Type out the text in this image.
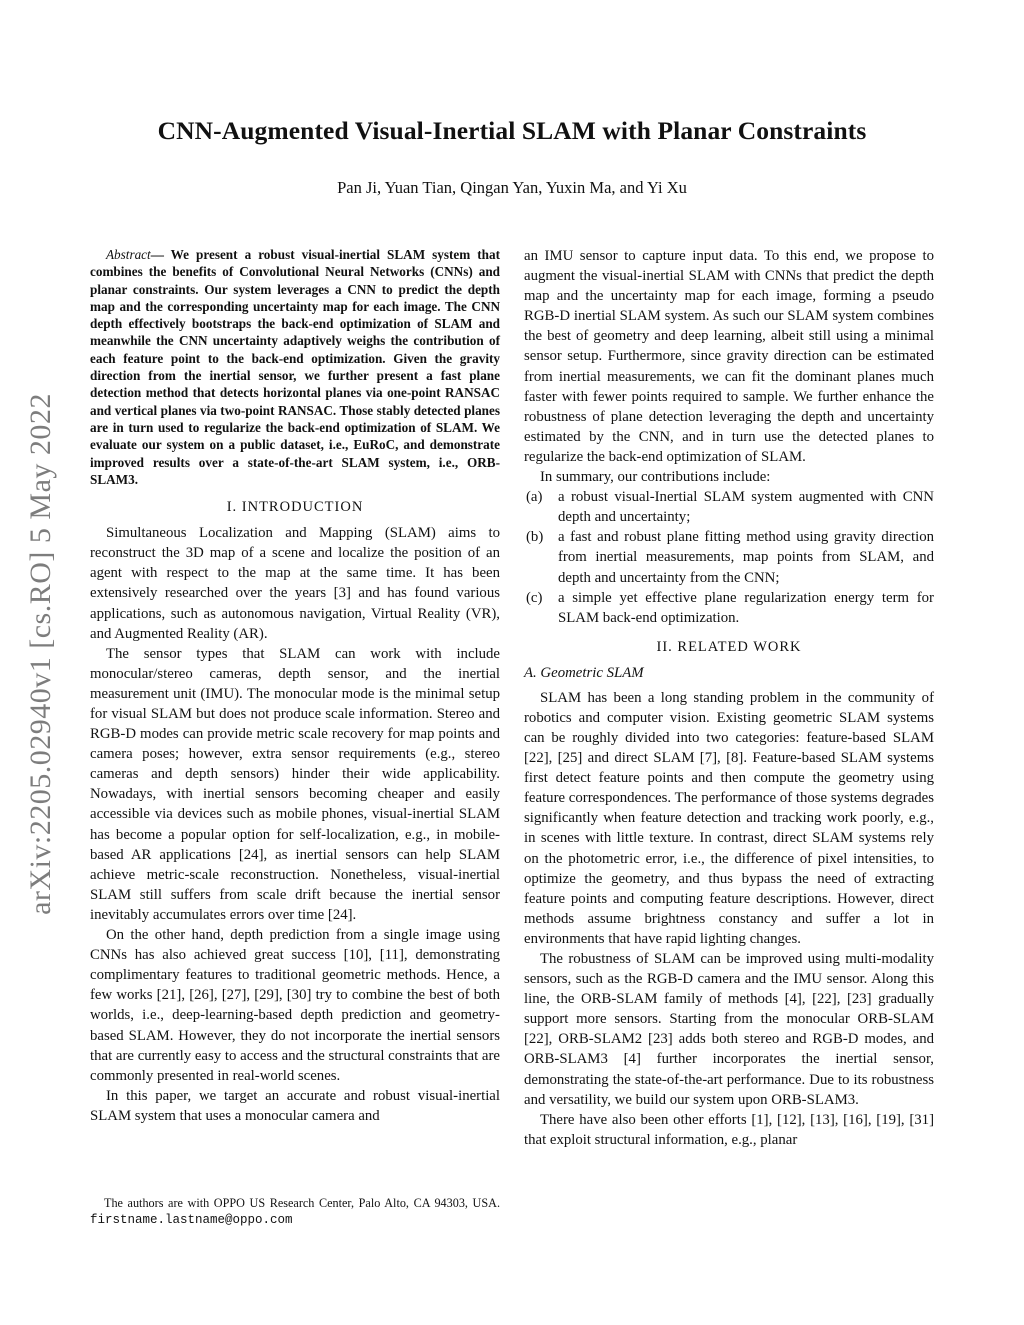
arXiv:2205.02940v1 [cs.RO] 5 May 2022
CNN-Augmented Visual-Inertial SLAM with Planar Constraints
Pan Ji, Yuan Tian, Qingan Yan, Yuxin Ma, and Yi Xu

Abstract— We present a robust visual-inertial SLAM system that combines the benefits of Convolutional Neural Networks (CNNs) and planar constraints. Our system leverages a CNN to predict the depth map and the corresponding uncertainty map for each image. The CNN depth effectively bootstraps the back-end optimization of SLAM and meanwhile the CNN uncertainty adaptively weighs the contribution of each feature point to the back-end optimization. Given the gravity direction from the inertial sensor, we further present a fast plane detection method that detects horizontal planes via one-point RANSAC and vertical planes via two-point RANSAC. Those stably detected planes are in turn used to regularize the back-end optimization of SLAM. We evaluate our system on a public dataset, i.e., EuRoC, and demonstrate improved results over a state-of-the-art SLAM system, i.e., ORB-SLAM3.

I. INTRODUCTION

Simultaneous Localization and Mapping (SLAM) aims to reconstruct the 3D map of a scene and localize the position of an agent with respect to the map at the same time. It has been extensively researched over the years [3] and has found various applications, such as autonomous navigation, Virtual Reality (VR), and Augmented Reality (AR).

The sensor types that SLAM can work with include monocular/stereo cameras, depth sensor, and the inertial measurement unit (IMU). The monocular mode is the minimal setup for visual SLAM but does not produce scale information. Stereo and RGB-D modes can provide metric scale recovery for map points and camera poses; however, extra sensor requirements (e.g., stereo cameras and depth sensors) hinder their wide applicability. Nowadays, with inertial sensors becoming cheaper and easily accessible via devices such as mobile phones, visual-inertial SLAM has become a popular option for self-localization, e.g., in mobile-based AR applications [24], as inertial sensors can help SLAM achieve metric-scale reconstruction. Nonetheless, visual-inertial SLAM still suffers from scale drift because the inertial sensor inevitably accumulates errors over time [24].

On the other hand, depth prediction from a single image using CNNs has also achieved great success [10], [11], demonstrating complimentary features to traditional geometric methods. Hence, a few works [21], [26], [27], [29], [30] try to combine the best of both worlds, i.e., deep-learning-based depth prediction and geometry-based SLAM. However, they do not incorporate the inertial sensors that are currently easy to access and the structural constraints that are commonly presented in real-world scenes.

In this paper, we target an accurate and robust visual-inertial SLAM system that uses a monocular camera and

an IMU sensor to capture input data. To this end, we propose to augment the visual-inertial SLAM with CNNs that predict the depth map and the uncertainty map for each image, forming a pseudo RGB-D inertial SLAM system. As such our SLAM system combines the best of geometry and deep learning, albeit still using a minimal sensor setup. Furthermore, since gravity direction can be estimated from inertial measurements, we can fit the dominant planes much faster with fewer points required to sample. We further enhance the robustness of plane detection leveraging the depth and uncertainty estimated by the CNN, and in turn use the detected planes to regularize the back-end optimization of SLAM.

In summary, our contributions include:

(a) a robust visual-Inertial SLAM system augmented with CNN depth and uncertainty;
(b) a fast and robust plane fitting method using gravity direction from inertial measurements, map points from SLAM, and depth and uncertainty from the CNN;
(c) a simple yet effective plane regularization energy term for SLAM back-end optimization.
II. RELATED WORK
A. Geometric SLAM

SLAM has been a long standing problem in the community of robotics and computer vision. Existing geometric SLAM systems can be roughly divided into two categories: feature-based SLAM [22], [25] and direct SLAM [7], [8]. Feature-based SLAM systems first detect feature points and then compute the geometry using feature correspondences. The performance of those systems degrades significantly when feature detection and tracking work poorly, e.g., in scenes with little texture. In contrast, direct SLAM systems rely on the photometric error, i.e., the difference of pixel intensities, to optimize the geometry, and thus bypass the need of extracting feature points and computing feature descriptions. However, direct methods assume brightness constancy and suffer a lot in environments that have rapid lighting changes.

The robustness of SLAM can be improved using multi-modality sensors, such as the RGB-D camera and the IMU sensor. Along this line, the ORB-SLAM family of methods [4], [22], [23] gradually support more sensors. Starting from the monocular ORB-SLAM [22], ORB-SLAM2 [23] adds both stereo and RGB-D modes, and ORB-SLAM3 [4] further incorporates the inertial sensor, demonstrating the state-of-the-art performance. Due to its robustness and versatility, we build our system upon ORB-SLAM3.

There have also been other efforts [1], [12], [13], [16], [19], [31] that exploit structural information, e.g., planar

The authors are with OPPO US Research Center, Palo Alto, CA 94303, USA. firstname.lastname@oppo.com
